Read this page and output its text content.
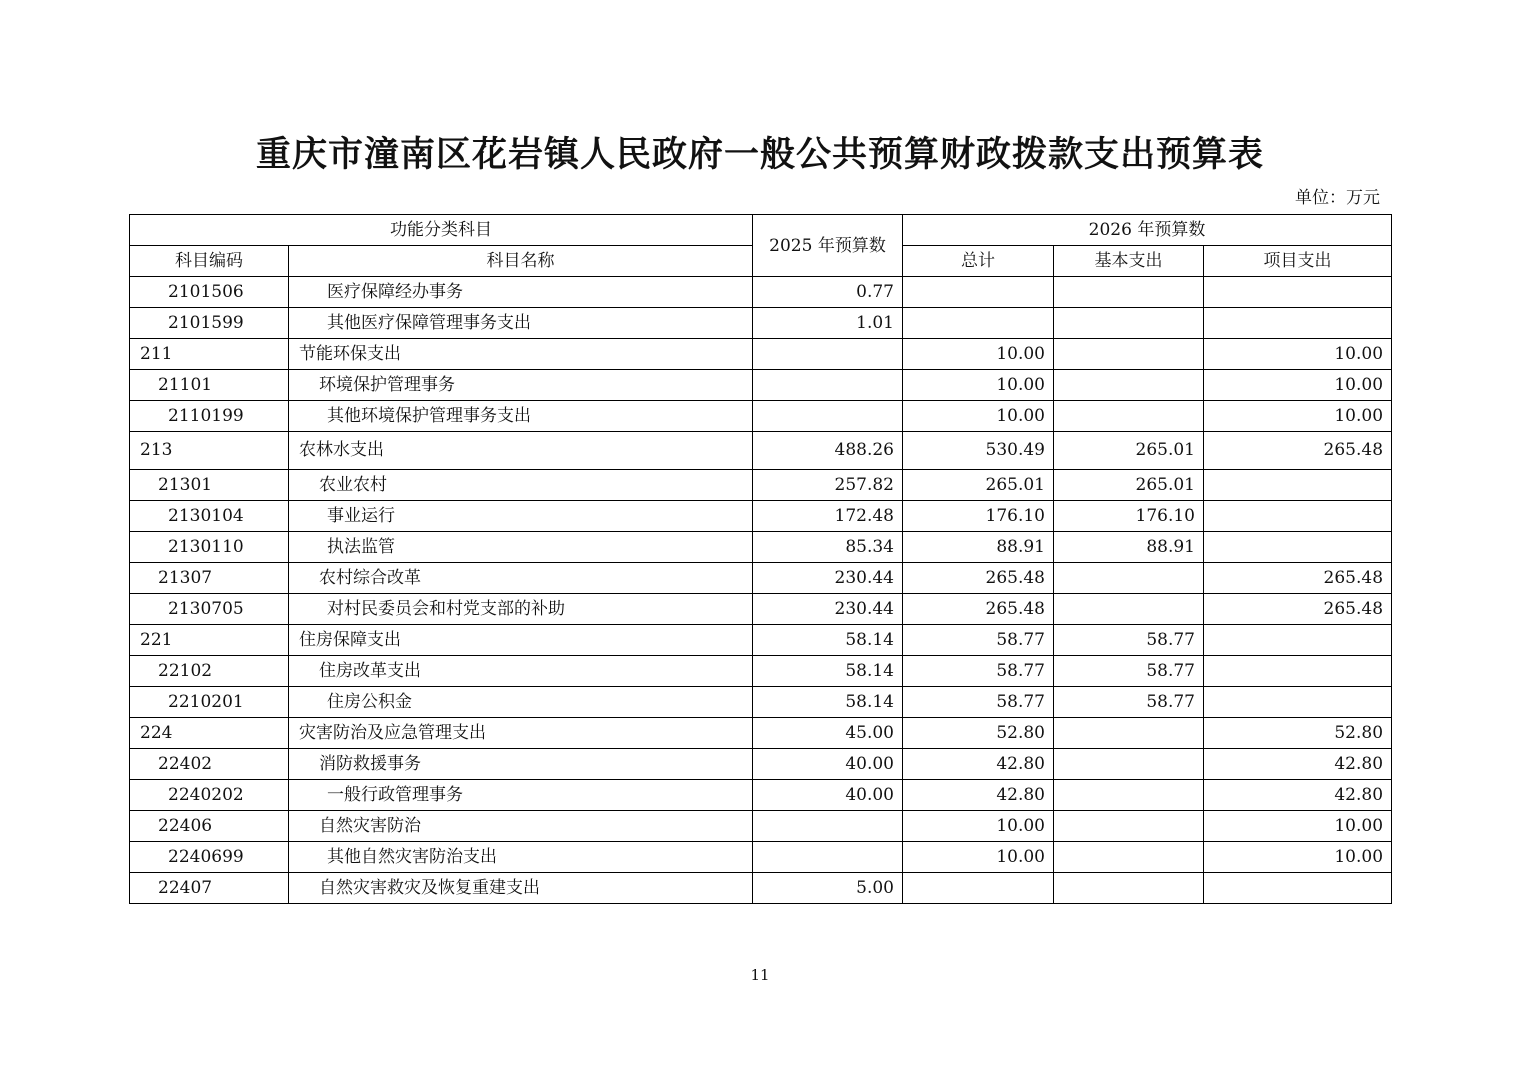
重庆市潼南区花岩镇人民政府一般公共预算财政拨款支出预算表
单位：万元
功能分类科目		2025 年预算数	2026 年预算数		
科目编码	科目名称		总计	基本支出	项目支出
2101506	医疗保障经办事务	0.77			
2101599	其他医疗保障管理事务支出	1.01			
211	节能环保支出		10.00		10.00
21101	环境保护管理事务		10.00		10.00
2110199	其他环境保护管理事务支出		10.00		10.00
213	农林水支出	488.26	530.49	265.01	265.48
21301	农业农村	257.82	265.01	265.01	
2130104	事业运行	172.48	176.10	176.10	
2130110	执法监管	85.34	88.91	88.91	
21307	农村综合改革	230.44	265.48		265.48
2130705	对村民委员会和村党支部的补助	230.44	265.48		265.48
221	住房保障支出	58.14	58.77	58.77	
22102	住房改革支出	58.14	58.77	58.77	
2210201	住房公积金	58.14	58.77	58.77	
224	灾害防治及应急管理支出	45.00	52.80		52.80
22402	消防救援事务	40.00	42.80		42.80
2240202	一般行政管理事务	40.00	42.80		42.80
22406	自然灾害防治		10.00		10.00
2240699	其他自然灾害防治支出		10.00		10.00
22407	自然灾害救灾及恢复重建支出	5.00			
11
